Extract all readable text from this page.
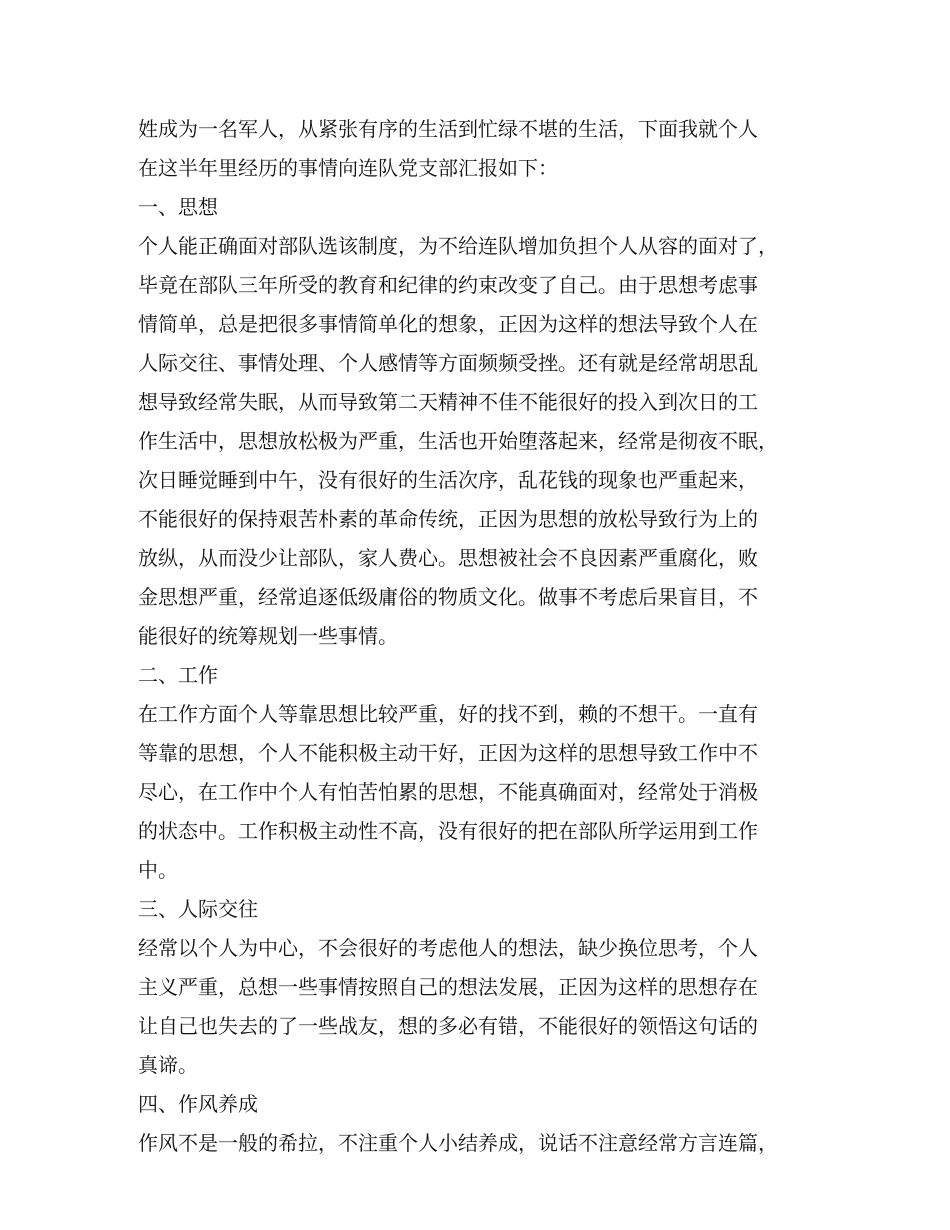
姓成为一名军人，从紧张有序的生活到忙绿不堪的生活，下面我就个人
在这半年里经历的事情向连队党支部汇报如下：
一、思想
个人能正确面对部队选该制度，为不给连队增加负担个人从容的面对了，
毕竟在部队三年所受的教育和纪律的约束改变了自己。由于思想考虑事
情简单，总是把很多事情简单化的想象，正因为这样的想法导致个人在
人际交往、事情处理、个人感情等方面频频受挫。还有就是经常胡思乱
想导致经常失眠，从而导致第二天精神不佳不能很好的投入到次日的工
作生活中，思想放松极为严重，生活也开始堕落起来，经常是彻夜不眠，
次日睡觉睡到中午，没有很好的生活次序，乱花钱的现象也严重起来，
不能很好的保持艰苦朴素的革命传统，正因为思想的放松导致行为上的
放纵，从而没少让部队，家人费心。思想被社会不良因素严重腐化，败
金思想严重，经常追逐低级庸俗的物质文化。做事不考虑后果盲目，不
能很好的统筹规划一些事情。
二、工作
在工作方面个人等靠思想比较严重，好的找不到，赖的不想干。一直有
等靠的思想，个人不能积极主动干好，正因为这样的思想导致工作中不
尽心，在工作中个人有怕苦怕累的思想，不能真确面对，经常处于消极
的状态中。工作积极主动性不高，没有很好的把在部队所学运用到工作
中。
三、人际交往
经常以个人为中心，不会很好的考虑他人的想法，缺少换位思考，个人
主义严重，总想一些事情按照自己的想法发展，正因为这样的思想存在
让自己也失去的了一些战友，想的多必有错，不能很好的领悟这句话的
真谛。
四、作风养成
作风不是一般的希拉，不注重个人小结养成，说话不注意经常方言连篇，
